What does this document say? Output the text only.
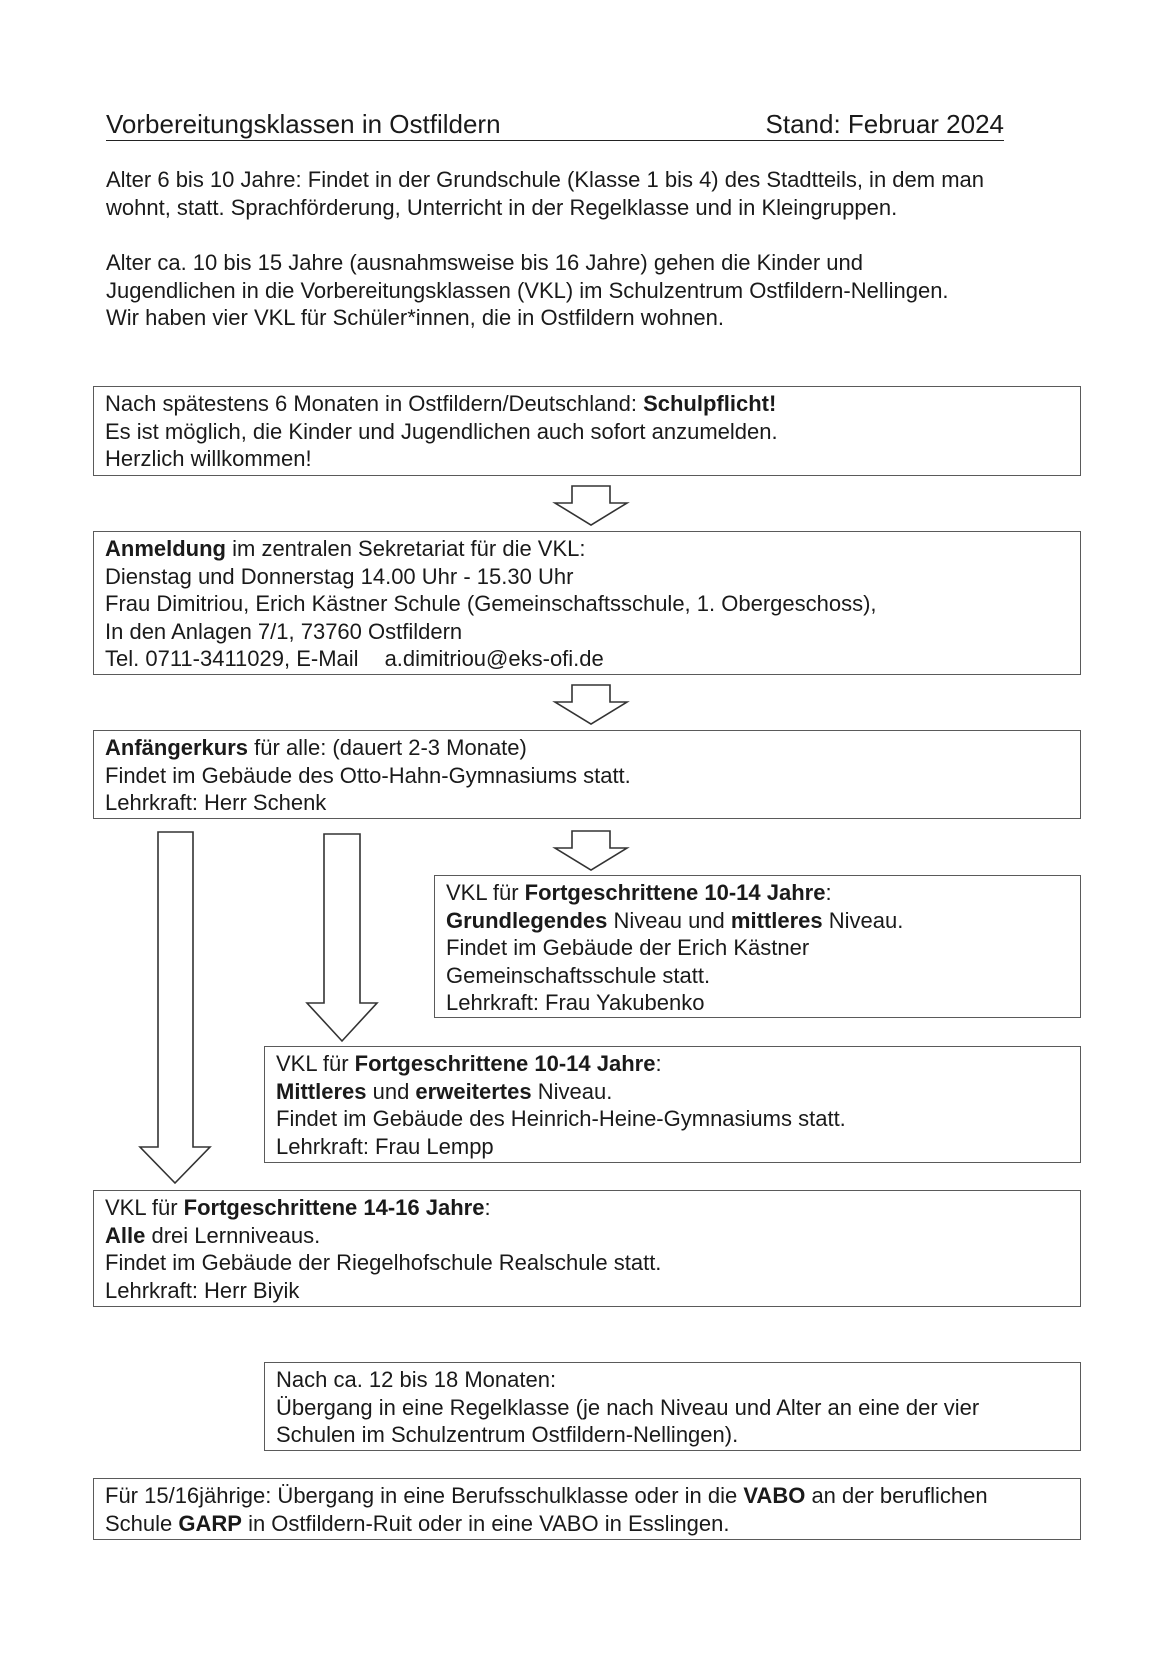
Vorbereitungsklassen in Ostfildern	Stand: Februar 2024
Alter 6 bis 10 Jahre: Findet in der Grundschule (Klasse 1 bis 4) des Stadtteils, in dem man
wohnt, statt. Sprachförderung, Unterricht in der Regelklasse und in Kleingruppen.
Alter ca. 10 bis 15 Jahre (ausnahmsweise bis 16 Jahre) gehen die Kinder und
Jugendlichen in die Vorbereitungsklassen (VKL) im Schulzentrum Ostfildern-Nellingen.
Wir haben vier VKL für Schüler*innen, die in Ostfildern wohnen.
Nach spätestens 6 Monaten in Ostfildern/Deutschland: Schulpflicht!
Es ist möglich, die Kinder und Jugendlichen auch sofort anzumelden.
Herzlich willkommen!
Anmeldung im zentralen Sekretariat für die VKL:
Dienstag und Donnerstag 14.00 Uhr - 15.30 Uhr
Frau Dimitriou, Erich Kästner Schule (Gemeinschaftsschule, 1. Obergeschoss),
In den Anlagen 7/1, 73760 Ostfildern
Tel. 0711-3411029, E-Mail a.dimitriou@eks-ofi.de
Anfängerkurs für alle: (dauert 2-3 Monate)
Findet im Gebäude des Otto-Hahn-Gymnasiums statt.
Lehrkraft: Herr Schenk
VKL für Fortgeschrittene 10-14 Jahre:
Grundlegendes Niveau und mittleres Niveau.
Findet im Gebäude der Erich Kästner
Gemeinschaftsschule statt.
Lehrkraft: Frau Yakubenko
VKL für Fortgeschrittene 10-14 Jahre:
Mittleres und erweitertes Niveau.
Findet im Gebäude des Heinrich-Heine-Gymnasiums statt.
Lehrkraft: Frau Lempp
VKL für Fortgeschrittene 14-16 Jahre:
Alle drei Lernniveaus.
Findet im Gebäude der Riegelhofschule Realschule statt.
Lehrkraft: Herr Biyik
Nach ca. 12 bis 18 Monaten:
Übergang in eine Regelklasse (je nach Niveau und Alter an eine der vier
Schulen im Schulzentrum Ostfildern-Nellingen).
Für 15/16jährige: Übergang in eine Berufsschulklasse oder in die VABO an der beruflichen
Schule GARP in Ostfildern-Ruit oder in eine VABO in Esslingen.
